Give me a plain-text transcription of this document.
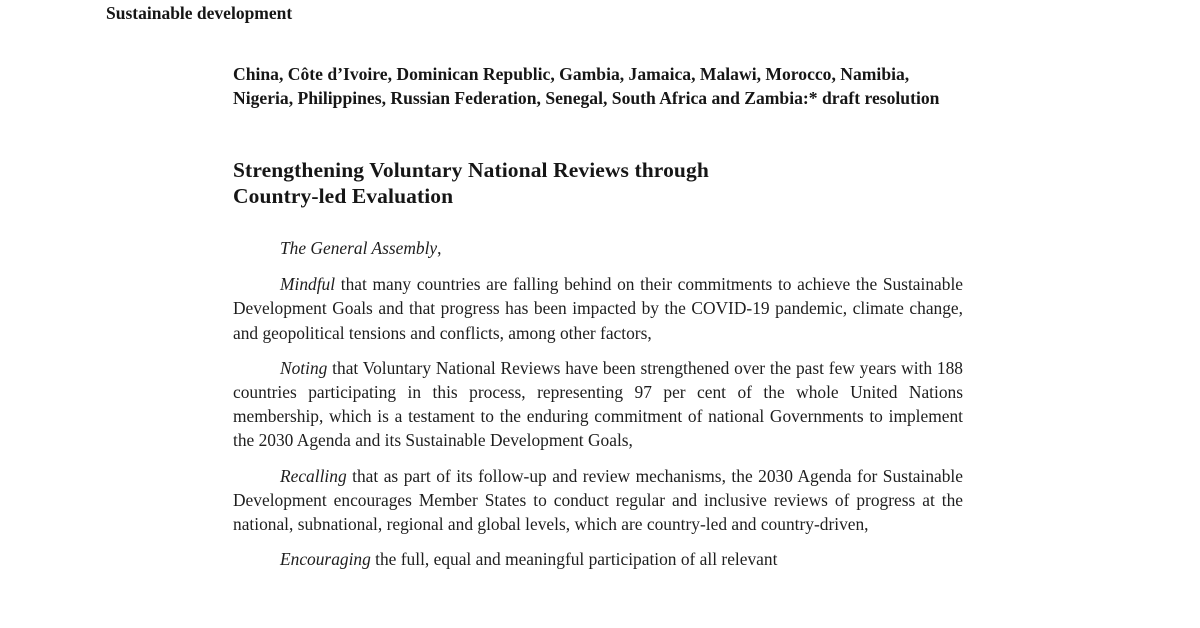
Sustainable development
China, Côte d’Ivoire, Dominican Republic, Gambia, Jamaica, Malawi, Morocco, Namibia, Nigeria, Philippines, Russian Federation, Senegal, South Africa and Zambia:* draft resolution
Strengthening Voluntary National Reviews through
Country-led Evaluation

The General Assembly,

Mindful that many countries are falling behind on their commitments to achieve the Sustainable Development Goals and that progress has been impacted by the COVID-19 pandemic, climate change, and geopolitical tensions and conflicts, among other factors,

Noting that Voluntary National Reviews have been strengthened over the past few years with 188 countries participating in this process, representing 97 per cent of the whole United Nations membership, which is a testament to the enduring commitment of national Governments to implement the 2030 Agenda and its Sustainable Development Goals,

Recalling that as part of its follow-up and review mechanisms, the 2030 Agenda for Sustainable Development encourages Member States to conduct regular and inclusive reviews of progress at the national, subnational, regional and global levels, which are country-led and country-driven,

Encouraging the full, equal and meaningful participation of all relevant
